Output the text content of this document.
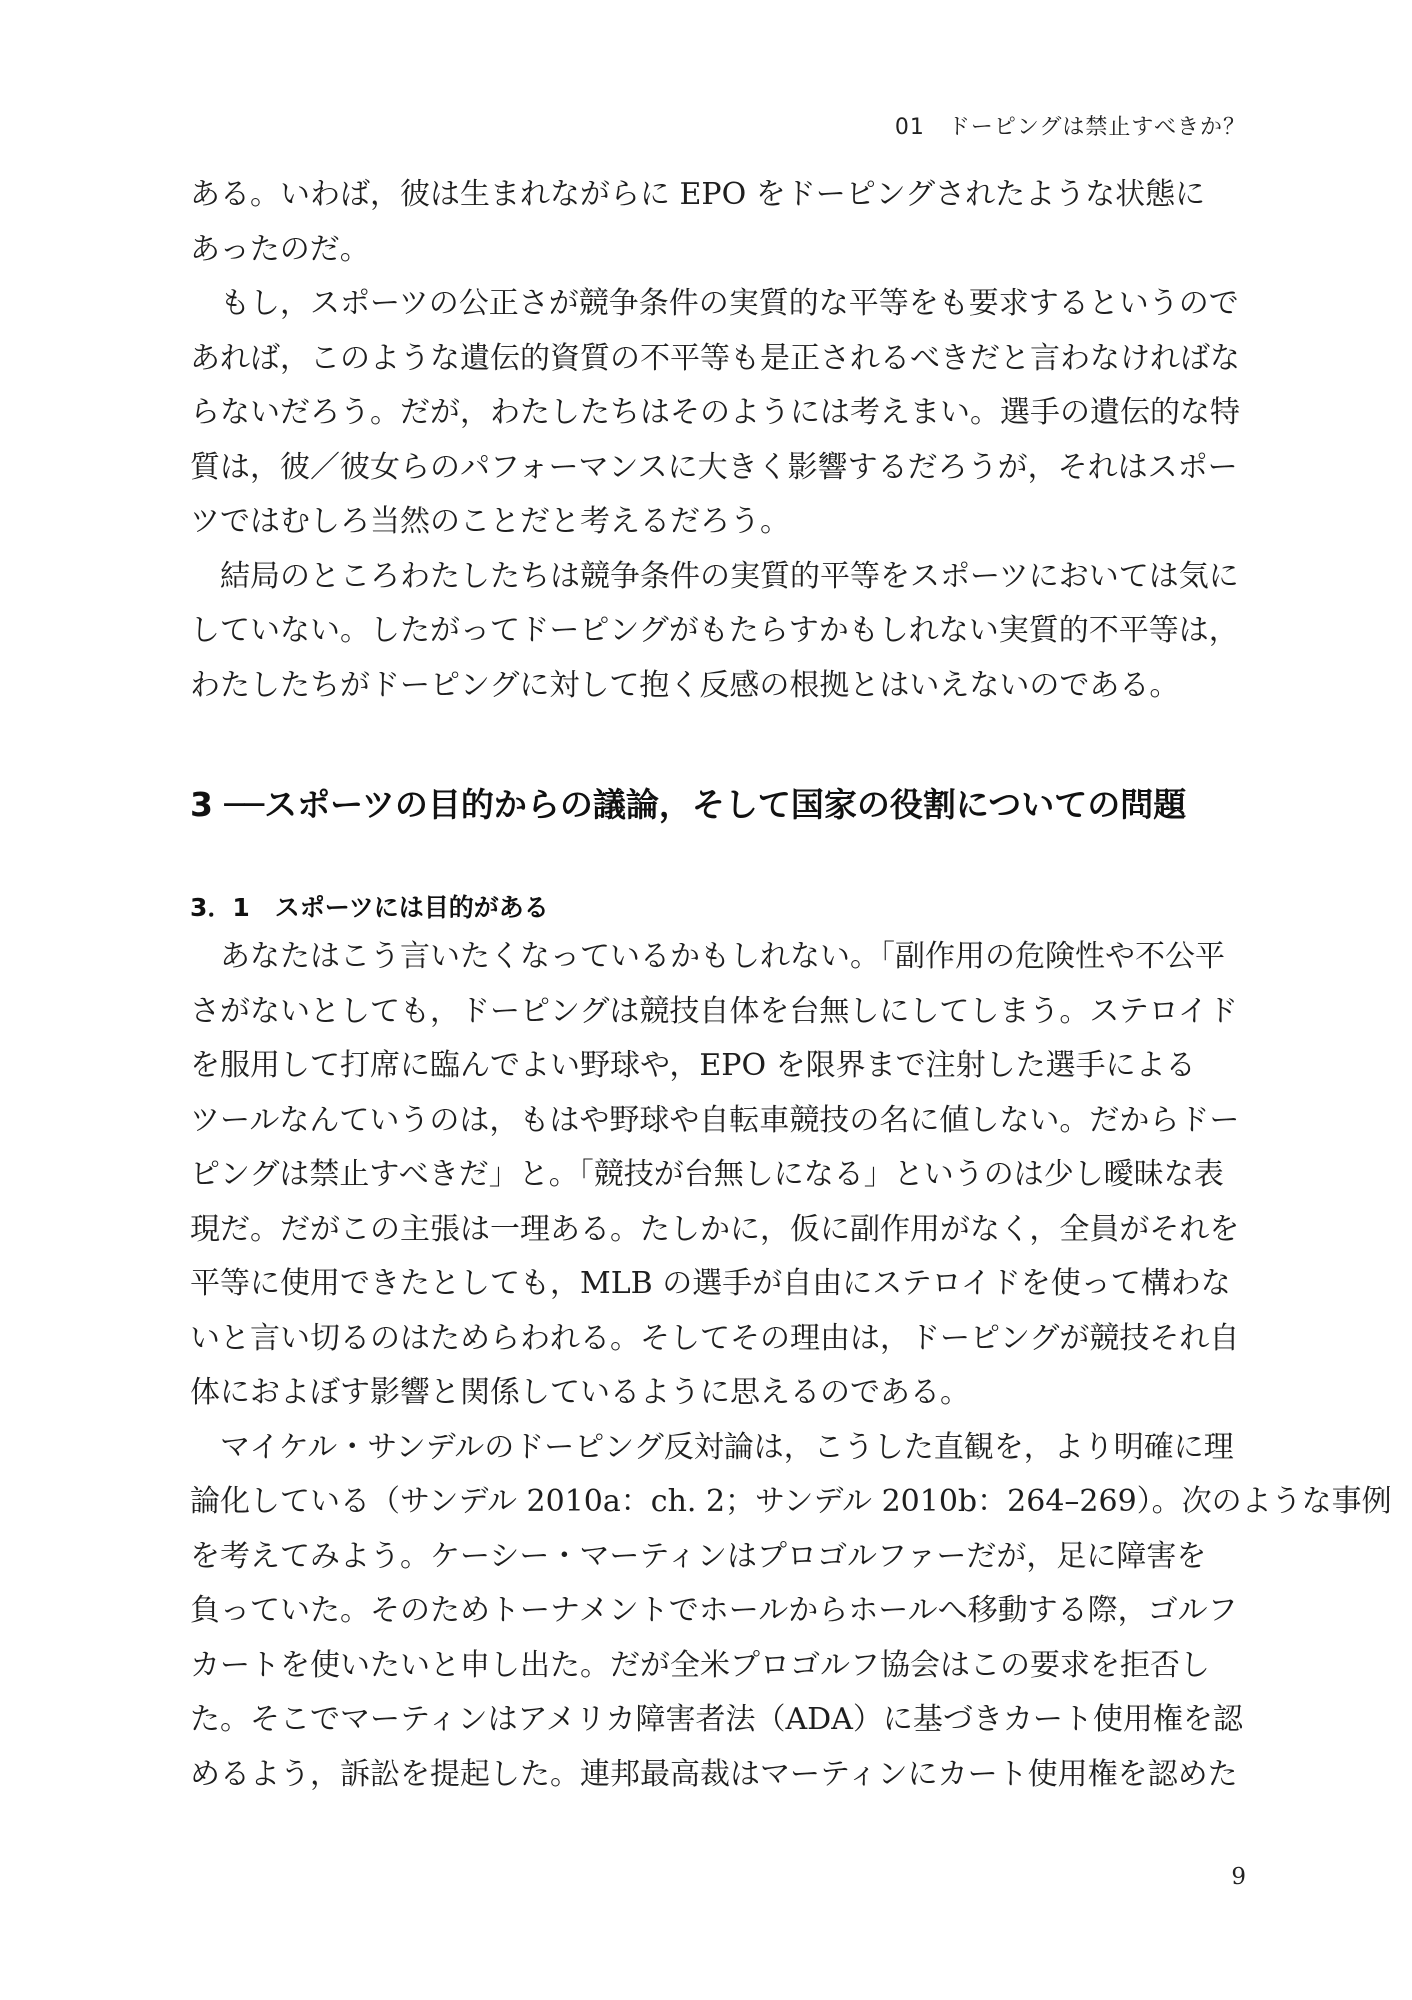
01　ドーピングは禁止すべきか？
ある。いわば，彼は生まれながらに EPO をドーピングされたような状態に
あったのだ。
もし，スポーツの公正さが競争条件の実質的な平等をも要求するというので
あれば，このような遺伝的資質の不平等も是正されるべきだと言わなければな
らないだろう。だが，わたしたちはそのようには考えまい。選手の遺伝的な特
質は，彼／彼女らのパフォーマンスに大きく影響するだろうが，それはスポー
ツではむしろ当然のことだと考えるだろう。
結局のところわたしたちは競争条件の実質的平等をスポーツにおいては気に
していない。したがってドーピングがもたらすかもしれない実質的不平等は，
わたしたちがドーピングに対して抱く反感の根拠とはいえないのである。
3 ──スポーツの目的からの議論，そして国家の役割についての問題
3．1　スポーツには目的がある
あなたはこう言いたくなっているかもしれない。「副作用の危険性や不公平
さがないとしても，ドーピングは競技自体を台無しにしてしまう。ステロイド
を服用して打席に臨んでよい野球や，EPO を限界まで注射した選手による
ツールなんていうのは，もはや野球や自転車競技の名に値しない。だからドー
ピングは禁止すべきだ」と。「競技が台無しになる」というのは少し曖昧な表
現だ。だがこの主張は一理ある。たしかに，仮に副作用がなく，全員がそれを
平等に使用できたとしても，MLB の選手が自由にステロイドを使って構わな
いと言い切るのはためらわれる。そしてその理由は，ドーピングが競技それ自
体におよぼす影響と関係しているように思えるのである。
マイケル・サンデルのドーピング反対論は，こうした直観を，より明確に理
論化している（サンデル 2010a：ch. 2；サンデル 2010b：264–269）。次のような事例
を考えてみよう。ケーシー・マーティンはプロゴルファーだが，足に障害を
負っていた。そのためトーナメントでホールからホールへ移動する際，ゴルフ
カートを使いたいと申し出た。だが全米プロゴルフ協会はこの要求を拒否し
た。そこでマーティンはアメリカ障害者法（ADA）に基づきカート使用権を認
めるよう，訴訟を提起した。連邦最高裁はマーティンにカート使用権を認めた
9
